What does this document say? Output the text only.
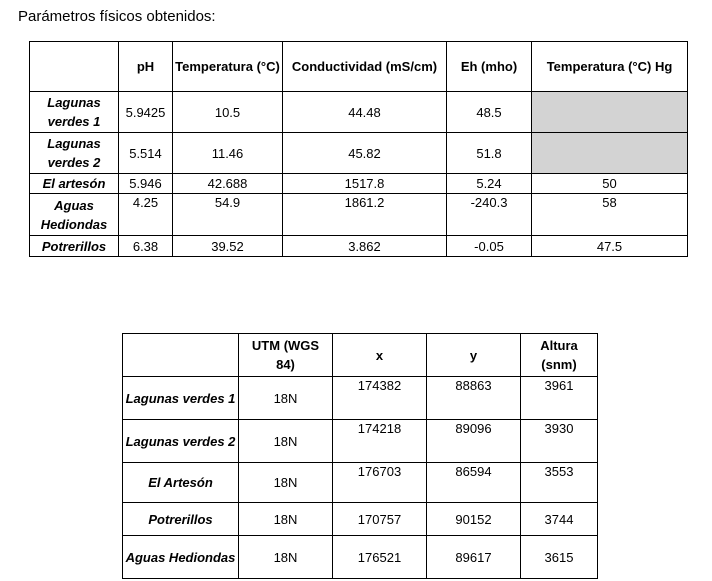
Parámetros físicos obtenidos:
	pH	Temperatura (°C)	Conductividad (mS/cm)	Eh (mho)	Temperatura (°C) Hg
Lagunas verdes 1	5.9425	10.5	44.48	48.5	
Lagunas verdes 2	5.514	11.46	45.82	51.8	
El artesón	5.946	42.688	1517.8	5.24	50
Aguas Hediondas	4.25	54.9	1861.2	-240.3	58
Potrerillos	6.38	39.52	3.862	-0.05	47.5
	UTM (WGS 84)	x	y	Altura (snm)
Lagunas verdes 1	18N	174382	88863	3961
Lagunas verdes 2	18N	174218	89096	3930
El Artesón	18N	176703	86594	3553
Potrerillos	18N	170757	90152	3744
Aguas Hediondas	18N	176521	89617	3615
